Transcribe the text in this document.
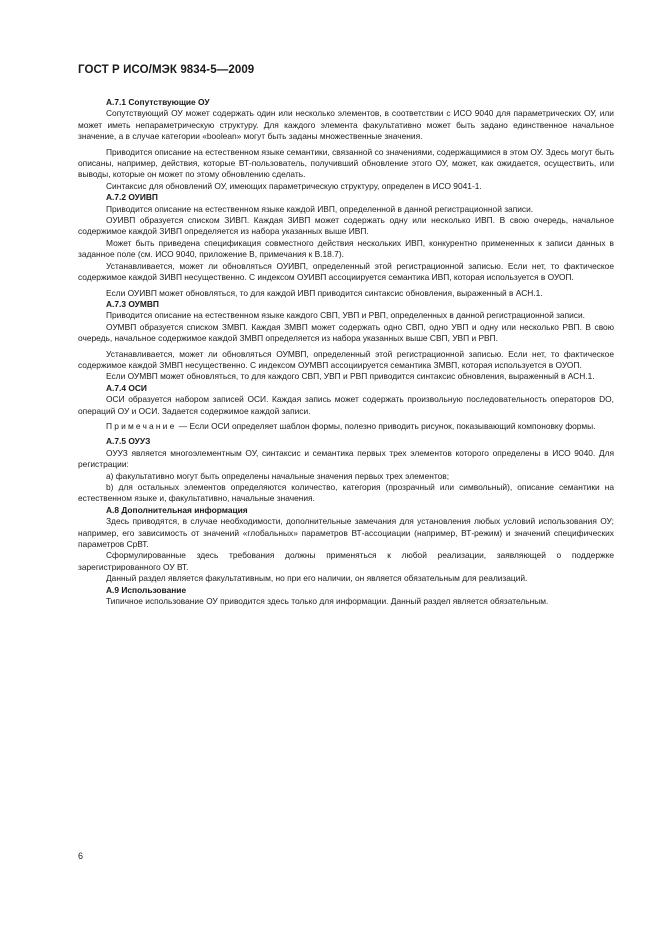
ГОСТ Р ИСО/МЭК 9834-5—2009

А.7.1 Сопутствующие ОУ

Сопутствующий ОУ может содержать один или несколько элементов, в соответствии с ИСО 9040 для параметрических ОУ, или может иметь непараметрическую структуру. Для каждого элемента факультативно может быть задано единственное начальное значение, а в случае категории «boolean» могут быть заданы множественные значения.

Приводится описание на естественном языке семантики, связанной со значениями, содержащимися в этом ОУ. Здесь могут быть описаны, например, действия, которые ВТ-пользователь, получивший обновление этого ОУ, может, как ожидается, осуществить, или выводы, которые он может по этому обновлению сделать.

Синтаксис для обновлений ОУ, имеющих параметрическую структуру, определен в ИСО 9041-1.

А.7.2 ОУИВП

Приводится описание на естественном языке каждой ИВП, определенной в данной регистрационной записи.

ОУИВП образуется списком ЗИВП. Каждая ЗИВП может содержать одну или несколько ИВП. В свою очередь, начальное содержимое каждой ЗИВП определяется из набора указанных выше ИВП.

Может быть приведена спецификация совместного действия нескольких ИВП, конкурентно примененных к записи данных в заданное поле (см. ИСО 9040, приложение В, примечания к В.18.7).

Устанавливается, может ли обновляться ОУИВП, определенный этой регистрационной записью. Если нет, то фактическое содержимое каждой ЗИВП несущественно. С индексом ОУИВП ассоциируется семантика ИВП, которая используется в ОУОП.

Если ОУИВП может обновляться, то для каждой ИВП приводится синтаксис обновления, выраженный в АСН.1.

А.7.3 ОУМВП

Приводится описание на естественном языке каждого СВП, УВП и РВП, определенных в данной регистрационной записи.

ОУМВП образуется списком ЗМВП. Каждая ЗМВП может содержать одно СВП, одно УВП и одну или несколько РВП. В свою очередь, начальное содержимое каждой ЗМВП определяется из набора указанных выше СВП, УВП и РВП.

Устанавливается, может ли обновляться ОУМВП, определенный этой регистрационной записью. Если нет, то фактическое содержимое каждой ЗМВП несущественно. С индексом ОУМВП ассоциируется семантика ЗМВП, которая используется в ОУОП.

Если ОУМВП может обновляться, то для каждого СВП, УВП и РВП приводится синтаксис обновления, выраженный в АСН.1.

А.7.4 ОСИ

ОСИ образуется набором записей ОСИ. Каждая запись может содержать произвольную последовательность операторов DO, операций ОУ и ОСИ. Задается содержимое каждой записи.

Примечание — Если ОСИ определяет шаблон формы, полезно приводить рисунок, показывающий компоновку формы.

А.7.5 ОУУЗ

ОУУЗ является многоэлементным ОУ, синтаксис и семантика первых трех элементов которого определены в ИСО 9040. Для регистрации:

а) факультативно могут быть определены начальные значения первых трех элементов;

b) для остальных элементов определяются количество, категория (прозрачный или символьный), описание семантики на естественном языке и, факультативно, начальные значения.

А.8 Дополнительная информация

Здесь приводятся, в случае необходимости, дополнительные замечания для установления любых условий использования ОУ; например, его зависимость от значений «глобальных» параметров ВТ-ассоциации (например, ВТ-режим) и значений специфических параметров СрВТ.

Сформулированные здесь требования должны применяться к любой реализации, заявляющей о поддержке зарегистрированного ОУ ВТ.

Данный раздел является факультативным, но при его наличии, он является обязательным для реализаций.

А.9 Использование

Типичное использование ОУ приводится здесь только для информации. Данный раздел является обязательным.

6
